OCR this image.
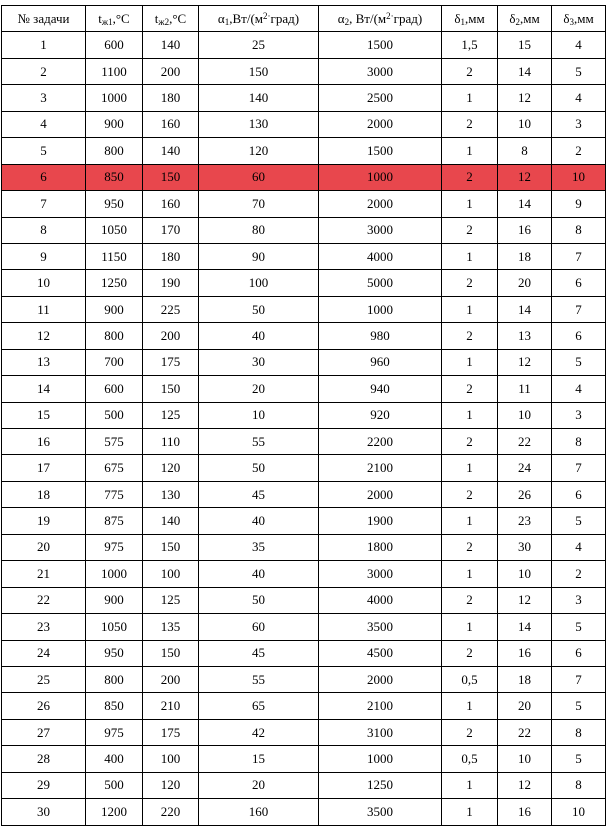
№ задачи	$t_{ж1},^\circ C$	$t_{ж2},^\circ C$	$\alpha_1,Вт/(м^{2\cdot}град)$	$\alpha_2$, $Вт/(м^{2\cdot}град)$	$\delta_1,мм$	$\delta_2,мм$	$\delta_3,мм$
1	600	140	25	1500	1,5	15	4
2	1100	200	150	3000	2	14	5
3	1000	180	140	2500	1	12	4
4	900	160	130	2000	2	10	3
5	800	140	120	1500	1	8	2
6	850	150	60	1000	2	12	10
7	950	160	70	2000	1	14	9
8	1050	170	80	3000	2	16	8
9	1150	180	90	4000	1	18	7
10	1250	190	100	5000	2	20	6
11	900	225	50	1000	1	14	7
12	800	200	40	980	2	13	6
13	700	175	30	960	1	12	5
14	600	150	20	940	2	11	4
15	500	125	10	920	1	10	3
16	575	110	55	2200	2	22	8
17	675	120	50	2100	1	24	7
18	775	130	45	2000	2	26	6
19	875	140	40	1900	1	23	5
20	975	150	35	1800	2	30	4
21	1000	100	40	3000	1	10	2
22	900	125	50	4000	2	12	3
23	1050	135	60	3500	1	14	5
24	950	150	45	4500	2	16	6
25	800	200	55	2000	0,5	18	7
26	850	210	65	2100	1	20	5
27	975	175	42	3100	2	22	8
28	400	100	15	1000	0,5	10	5
29	500	120	20	1250	1	12	8
30	1200	220	160	3500	1	16	10
